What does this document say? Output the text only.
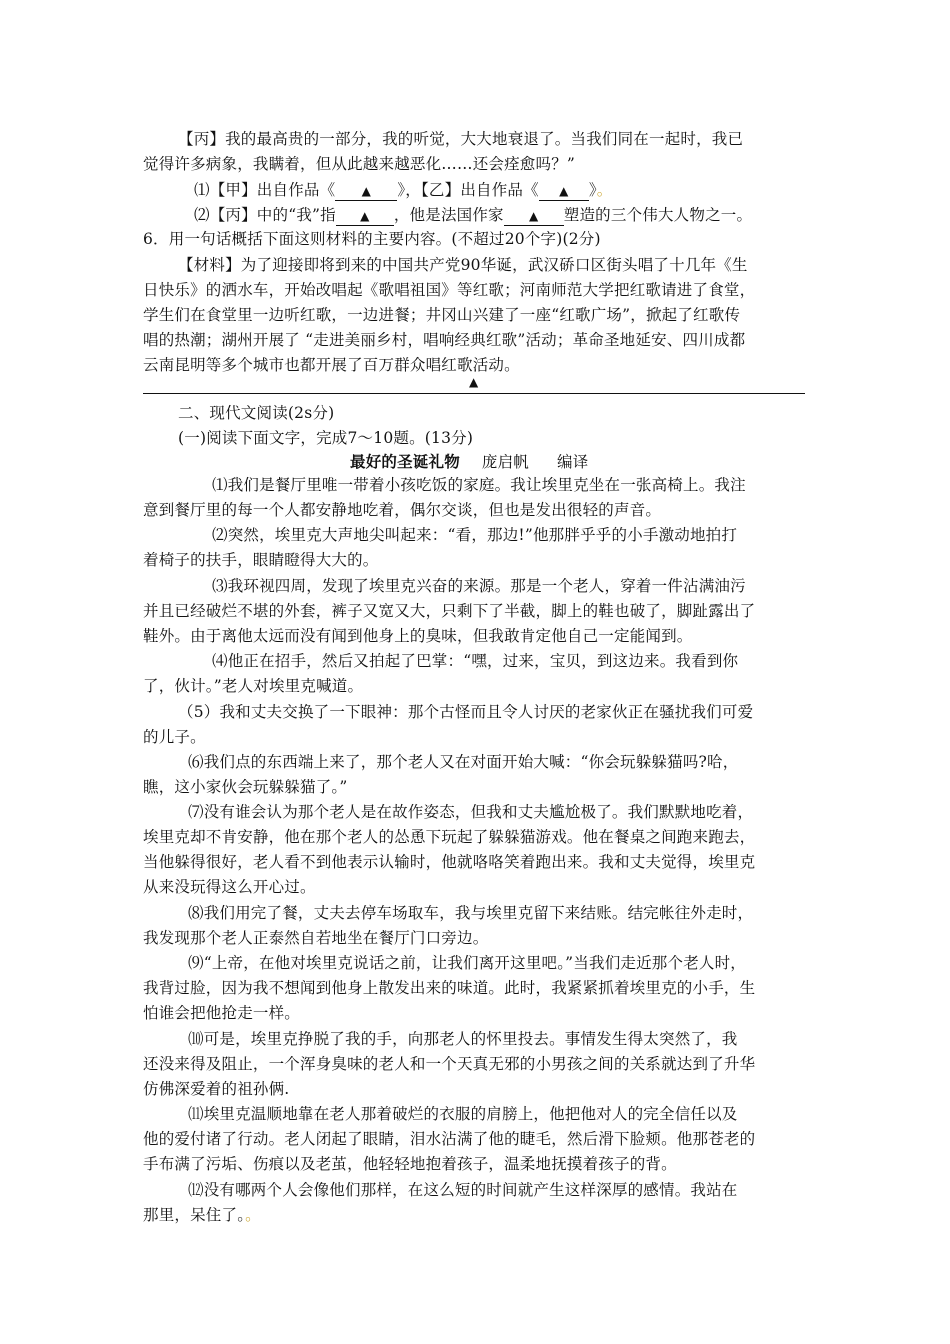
【丙】我的最高贵的一部分，我的听觉，大大地衰退了。当我们同在一起时，我已
觉得许多病象，我瞒着，但从此越来越恶化……还会痊愈吗？”
⑴【甲】出自作品《 ▲ 》，【乙】出自作品《 ▲ 》。
⑵【丙】中的“我”指 ▲ ，他是法国作家 ▲ 塑造的三个伟大人物之一。
6．用一句话概括下面这则材料的主要内容。(不超过20个字)(2分)
【材料】为了迎接即将到来的中国共产党90华诞，武汉硚口区街头唱了十几年《生
日快乐》的洒水车，开始改唱起《歌唱祖国》等红歌；河南师范大学把红歌请进了食堂，
学生们在食堂里一边听红歌，一边进餐；井冈山兴建了一座“红歌广场”，掀起了红歌传
唱的热潮；湖州开展了 “走进美丽乡村，唱响经典红歌”活动；革命圣地延安、四川成都
云南昆明等多个城市也都开展了百万群众唱红歌活动。
▲
二、现代文阅读(2s分)
(一)阅读下面文字，完成7～10题。(13分)
最好的圣诞礼物 庞启帆 编译
⑴我们是餐厅里唯一带着小孩吃饭的家庭。我让埃里克坐在一张高椅上。我注
意到餐厅里的每一个人都安静地吃着，偶尔交谈，但也是发出很轻的声音。
⑵突然，埃里克大声地尖叫起来：“看，那边!”他那胖乎乎的小手激动地拍打
着椅子的扶手，眼睛瞪得大大的。
⑶我环视四周，发现了埃里克兴奋的来源。那是一个老人，穿着一件沾满油污
并且已经破烂不堪的外套，裤子又宽又大，只剩下了半截，脚上的鞋也破了，脚趾露出了
鞋外。由于离他太远而没有闻到他身上的臭味，但我敢肯定他自己一定能闻到。
⑷他正在招手，然后又拍起了巴掌：“嘿，过来，宝贝，到这边来。我看到你
了，伙计。”老人对埃里克喊道。
（5）我和丈夫交换了一下眼神：那个古怪而且令人讨厌的老家伙正在骚扰我们可爱
的儿子。
⑹我们点的东西端上来了，那个老人又在对面开始大喊：“你会玩躲躲猫吗?哈，
瞧，这小家伙会玩躲躲猫了。”
⑺没有谁会认为那个老人是在故作姿态，但我和丈夫尴尬极了。我们默默地吃着，
埃里克却不肯安静，他在那个老人的怂恿下玩起了躲躲猫游戏。他在餐桌之间跑来跑去，
当他躲得很好，老人看不到他表示认输时，他就咯咯笑着跑出来。我和丈夫觉得，埃里克
从来没玩得这么开心过。
⑻我们用完了餐，丈夫去停车场取车，我与埃里克留下来结账。结完帐往外走时，
我发现那个老人正泰然自若地坐在餐厅门口旁边。
⑼“上帝，在他对埃里克说话之前，让我们离开这里吧。”当我们走近那个老人时，
我背过脸，因为我不想闻到他身上散发出来的味道。此时，我紧紧抓着埃里克的小手，生
怕谁会把他抢走一样。
⑽可是，埃里克挣脱了我的手，向那老人的怀里投去。事情发生得太突然了，我
还没来得及阻止，一个浑身臭味的老人和一个天真无邪的小男孩之间的关系就达到了升华
仿佛深爱着的祖孙俩.
⑾埃里克温顺地靠在老人那着破烂的衣服的肩膀上，他把他对人的完全信任以及
他的爱付诸了行动。老人闭起了眼睛，泪水沾满了他的睫毛，然后滑下脸颊。他那苍老的
手布满了污垢、伤痕以及老茧，他轻轻地抱着孩子，温柔地抚摸着孩子的背。
⑿没有哪两个人会像他们那样，在这么短的时间就产生这样深厚的感情。我站在
那里，呆住了。。
